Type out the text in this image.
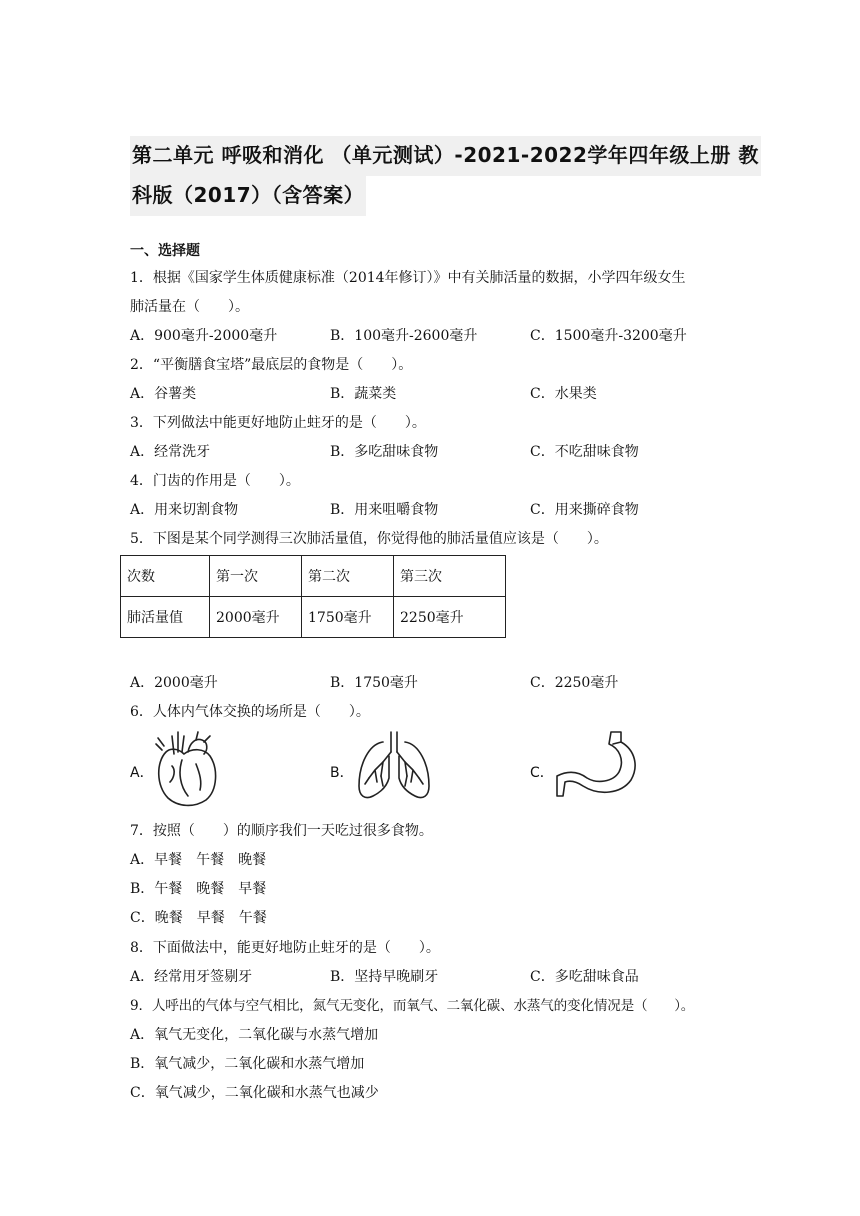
第二单元 呼吸和消化 （单元测试）-2021-2022学年四年级上册 教
科版（2017）（含答案）
一、选择题
1．根据《国家学生体质健康标准（2014年修订）》中有关肺活量的数据，小学四年级女生
肺活量在（　　）。
A．900毫升-2000毫升	B．100毫升-2600毫升	C．1500毫升-3200毫升
2．“平衡膳食宝塔”最底层的食物是（　　）。
A．谷薯类	B．蔬菜类	C．水果类
3．下列做法中能更好地防止蛀牙的是（　　）。
A．经常洗牙	B．多吃甜味食物	C．不吃甜味食物
4．门齿的作用是（　　）。
A．用来切割食物	B．用来咀嚼食物	C．用来撕碎食物
5．下图是某个同学测得三次肺活量值，你觉得他的肺活量值应该是（　　）。
次数	第一次	第二次	第三次
肺活量值	2000毫升	1750毫升	2250毫升
A．2000毫升	B．1750毫升	C．2250毫升
6．人体内气体交换的场所是（　　）。
A．	B．	C．
7．按照（　　）的顺序我们一天吃过很多食物。
A．早餐　午餐　晚餐
B．午餐　晚餐　早餐
C．晚餐　早餐　午餐
8．下面做法中，能更好地防止蛀牙的是（　　）。
A．经常用牙签剔牙	B．坚持早晚刷牙	C．多吃甜味食品
9．人呼出的气体与空气相比，氮气无变化，而氧气、二氧化碳、水蒸气的变化情况是（　　）。
A．氧气无变化，二氧化碳与水蒸气增加
B．氧气减少，二氧化碳和水蒸气增加
C．氧气减少，二氧化碳和水蒸气也减少
